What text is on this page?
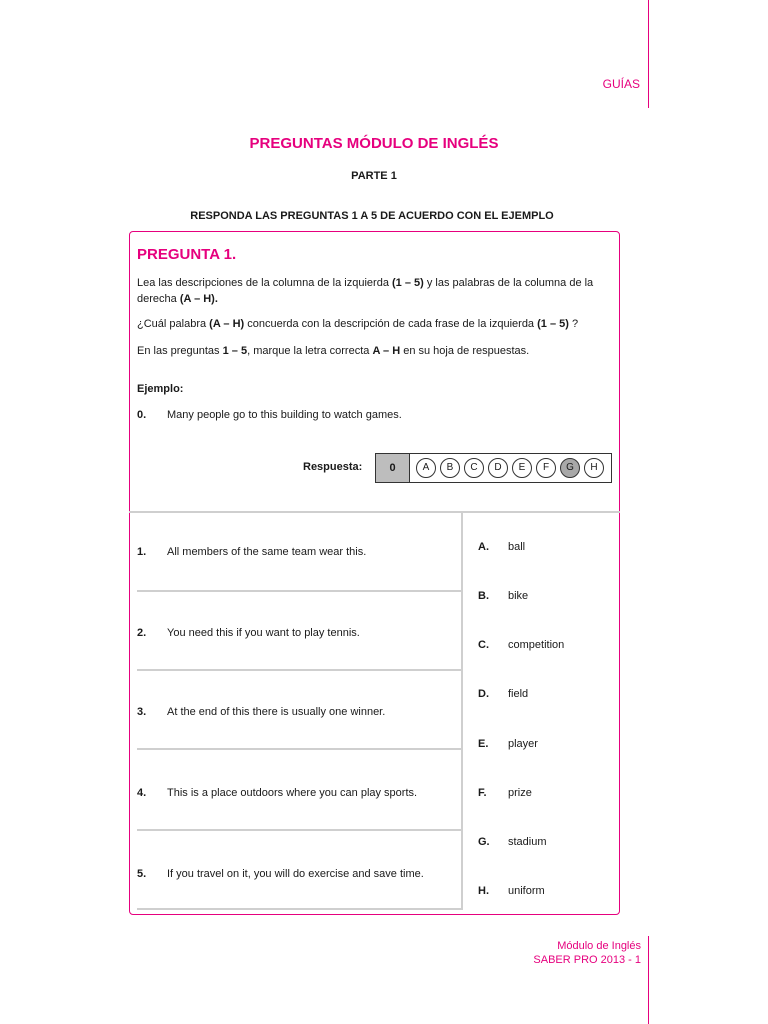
GUÍAS
PREGUNTAS MÓDULO DE INGLÉS
PARTE 1
RESPONDA LAS PREGUNTAS 1 A 5 DE ACUERDO CON EL EJEMPLO
PREGUNTA 1.
Lea las descripciones de la columna de la izquierda (1 – 5) y las palabras de la columna de la derecha (A – H).
¿Cuál palabra (A – H) concuerda con la descripción de cada frase de la izquierda (1 – 5) ?
En las preguntas 1 – 5, marque la letra correcta A – H en su hoja de respuestas.
Ejemplo:
0. Many people go to this building to watch games.
Respuesta:	0	A	B	C	D	E	F	G	H
1. All members of the same team wear this.
2. You need this if you want to play tennis.
3. At the end of this there is usually one winner.
4. This is a place outdoors where you can play sports.
5. If you travel on it, you will do exercise and save time.
A. ball
B. bike
C. competition
D. field
E. player
F. prize
G. stadium
H. uniform
Módulo de Inglés
SABER PRO 2013 - 1
